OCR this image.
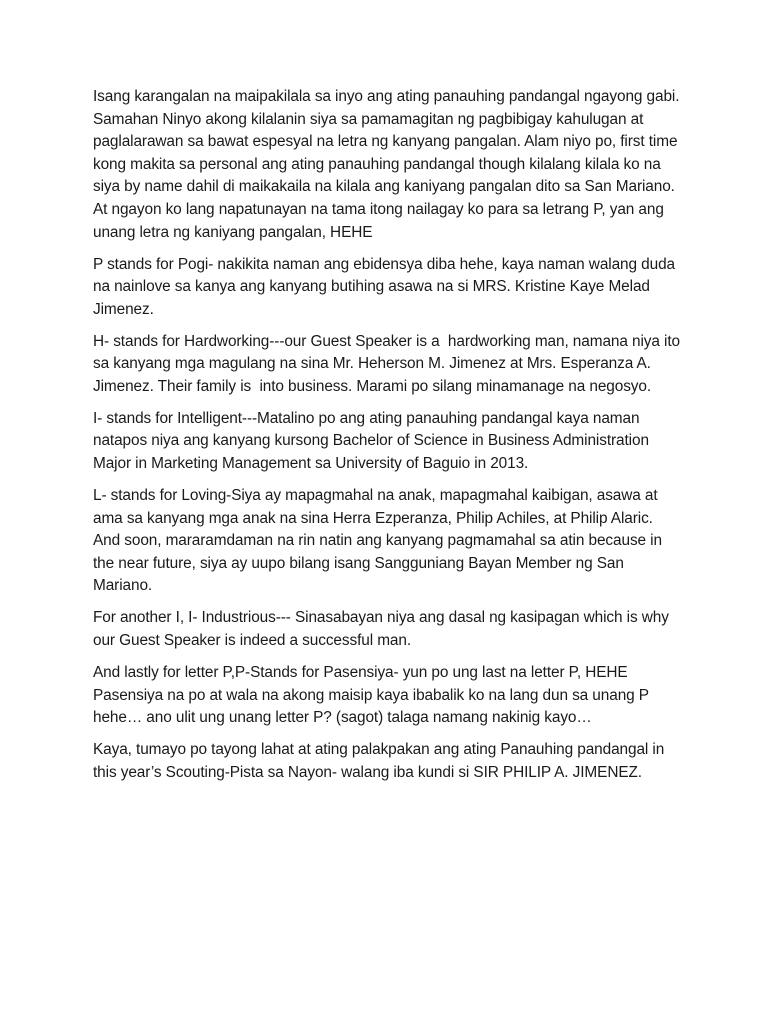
Isang karangalan na maipakilala sa inyo ang ating panauhing pandangal ngayong gabi. Samahan Ninyo akong kilalanin siya sa pamamagitan ng pagbibigay kahulugan at paglalarawan sa bawat espesyal na letra ng kanyang pangalan. Alam niyo po, first time kong makita sa personal ang ating panauhing pandangal though kilalang kilala ko na siya by name dahil di maikakaila na kilala ang kaniyang pangalan dito sa San Mariano. At ngayon ko lang napatunayan na tama itong nailagay ko para sa letrang P, yan ang unang letra ng kaniyang pangalan, HEHE

P stands for Pogi- nakikita naman ang ebidensya diba hehe, kaya naman walang duda na nainlove sa kanya ang kanyang butihing asawa na si MRS. Kristine Kaye Melad Jimenez.

H- stands for Hardworking---our Guest Speaker is a  hardworking man, namana niya ito sa kanyang mga magulang na sina Mr. Heherson M. Jimenez at Mrs. Esperanza A. Jimenez. Their family is  into business. Marami po silang minamanage na negosyo.

I- stands for Intelligent---Matalino po ang ating panauhing pandangal kaya naman natapos niya ang kanyang kursong Bachelor of Science in Business Administration Major in Marketing Management sa University of Baguio in 2013.

L- stands for Loving-Siya ay mapagmahal na anak, mapagmahal kaibigan, asawa at ama sa kanyang mga anak na sina Herra Ezperanza, Philip Achiles, at Philip Alaric. And soon, mararamdaman na rin natin ang kanyang pagmamahal sa atin because in the near future, siya ay uupo bilang isang Sangguniang Bayan Member ng San Mariano.

For another I, I- Industrious--- Sinasabayan niya ang dasal ng kasipagan which is why our Guest Speaker is indeed a successful man.

And lastly for letter P,P-Stands for Pasensiya- yun po ung last na letter P, HEHE Pasensiya na po at wala na akong maisip kaya ibabalik ko na lang dun sa unang P hehe… ano ulit ung unang letter P? (sagot) talaga namang nakinig kayo…

Kaya, tumayo po tayong lahat at ating palakpakan ang ating Panauhing pandangal in this year’s Scouting-Pista sa Nayon- walang iba kundi si SIR PHILIP A. JIMENEZ.
